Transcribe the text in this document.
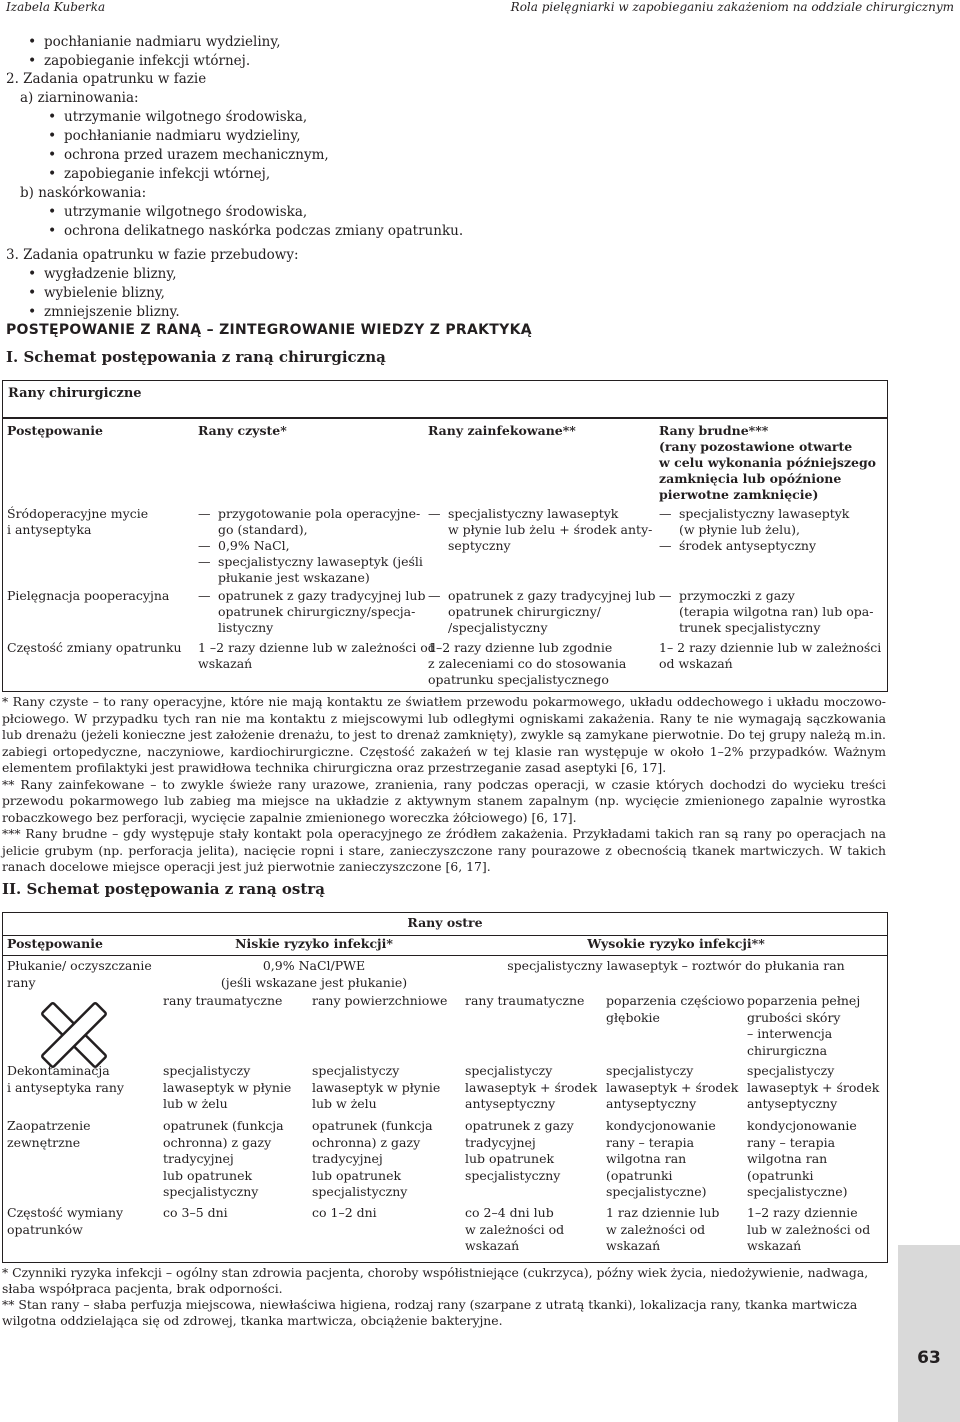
Izabela Kuberka	Rola pielęgniarki w zapobieganiu zakażeniom na oddziale chirurgicznym
• pochłanianie nadmiaru wydzieliny,
• zapobieganie infekcji wtórnej.
2. Zadania opatrunku w fazie
a) ziarninowania:
• utrzymanie wilgotnego środowiska,
• pochłanianie nadmiaru wydzieliny,
• ochrona przed urazem mechanicznym,
• zapobieganie infekcji wtórnej,
b) naskórkowania:
• utrzymanie wilgotnego środowiska,
• ochrona delikatnego naskórka podczas zmiany opatrunku.
3. Zadania opatrunku w fazie przebudowy:
• wygładzenie blizny,
• wybielenie blizny,
• zmniejszenie blizny.
POSTĘPOWANIE Z RANĄ – ZINTEGROWANIE WIEDZY Z PRAKTYKĄ
I. Schemat postępowania z raną chirurgiczną
Rany chirurgiczne
Postępowanie	Rany czyste*	Rany zainfekowane**	Rany brudne***
(rany pozostawione otwarte
w celu wykonania późniejszego
zamknięcia lub opóźnione
pierwotne zamknięcie)
Śródoperacyjne mycie
i antyseptyka
— przygotowanie pola operacyjne-
go (standard),
— 0,9% NaCl,
— specjalistyczny lawaseptyk (jeśli
płukanie jest wskazane)
— specjalistyczny lawaseptyk
w płynie lub żelu + środek anty-
septyczny
— specjalistyczny lawaseptyk
(w płynie lub żelu),
— środek antyseptyczny
Pielęgnacja pooperacyjna
—	opatrunek z gazy tradycyjnej lub
opatrunek chirurgiczny/specja-
listyczny
— opatrunek z gazy tradycyjnej lub
opatrunek chirurgiczny/
/specjalistyczny
— przymoczki z gazy
(terapia wilgotna ran) lub opa-
trunek specjalistyczny
Częstość zmiany opatrunku 1 –2 razy dzienne lub w zależności od
wskazań
1–2 razy dzienne lub zgodnie
z zaleceniami co do stosowania
opatrunku specjalistycznego
1– 2 razy dziennie lub w zależności
od wskazań
* Rany czyste – to rany operacyjne, które nie mają kontaktu ze światłem przewodu pokarmowego, układu oddechowego i układu moczowo-płciowego. W przypadku tych ran nie ma kontaktu z miejscowymi lub odległymi ogniskami zakażenia. Rany te nie wymagają sączkowania lub drenażu (jeżeli konieczne jest założenie drenażu, to jest to drenaż zamknięty), zwykle są zamykane pierwotnie. Do tej grupy należą m.in. zabiegi ortopedyczne, naczyniowe, kardiochirurgiczne. Częstość zakażeń w tej klasie ran występuje w około 1–2% przypadków. Ważnym elementem profilaktyki jest prawidłowa technika chirurgiczna oraz przestrzeganie zasad aseptyki [6, 17].
** Rany zainfekowane – to zwykle świeże rany urazowe, zranienia, rany podczas operacji, w czasie których dochodzi do wycieku treści przewodu pokarmowego lub zabieg ma miejsce na układzie z aktywnym stanem zapalnym (np. wycięcie zmienionego zapalnie wyrostka robaczkowego bez perforacji, wycięcie zapalnie zmienionego woreczka żółciowego) [6, 17].
*** Rany brudne – gdy występuje stały kontakt pola operacyjnego ze źródłem zakażenia. Przykładami takich ran są rany po operacjach na jelicie grubym (np. perforacja jelita), nacięcie ropni i stare, zanieczyszczone rany pourazowe z obecnością tkanek martwiczych. W takich ranach docelowe miejsce operacji jest już pierwotnie zanieczyszczone [6, 17].
II. Schemat postępowania z raną ostrą
Rany ostre
Postępowanie	Niskie ryzyko infekcji*	Wysokie ryzyko infekcji**
Płukanie/ oczyszczanie
rany
0,9% NaCl/PWE
(jeśli wskazane jest płukanie)
specjalistyczny lawaseptyk – roztwór do płukania ran
rany traumatyczne rany powierzchniowe rany traumatyczne poparzenia częściowo
głębokie
poparzenia pełnej
grubości skóry
– interwencja
chirurgiczna
Dekontaminacja
i antyseptyka rany
specjalistyczy
lawaseptyk w płynie
lub w żelu
specjalistyczy
lawaseptyk w płynie
lub w żelu
specjalistyczy
lawaseptyk + środek
antyseptyczny
specjalistyczy
lawaseptyk + środek
antyseptyczny
specjalistyczy
lawaseptyk + środek
antyseptyczny
Zaopatrzenie
zewnętrzne
opatrunek (funkcja
ochronna) z gazy
tradycyjnej
lub opatrunek
specjalistyczny
opatrunek (funkcja
ochronna) z gazy
tradycyjnej
lub opatrunek
specjalistyczny
opatrunek z gazy
tradycyjnej
lub opatrunek
specjalistyczny
kondycjonowanie
rany – terapia
wilgotna ran
(opatrunki
specjalistyczne)
kondycjonowanie
rany – terapia
wilgotna ran
(opatrunki
specjalistyczne)
Częstość wymiany
opatrunków
co 3–5 dni	co 1–2 dni	co 2–4 dni lub
w zależności od
wskazań
1 raz dziennie lub
w zależności od
wskazań
1–2 razy dziennie
lub w zależności od
wskazań
* Czynniki ryzyka infekcji – ogólny stan zdrowia pacjenta, choroby współistniejące (cukrzyca), późny wiek życia, niedożywienie, nadwaga, słaba współpraca pacjenta, brak odporności.
** Stan rany – słaba perfuzja miejscowa, niewłaściwa higiena, rodzaj rany (szarpane z utratą tkanki), lokalizacja rany, tkanka martwicza wilgotna oddzielająca się od zdrowej, tkanka martwicza, obciążenie bakteryjne.
63
